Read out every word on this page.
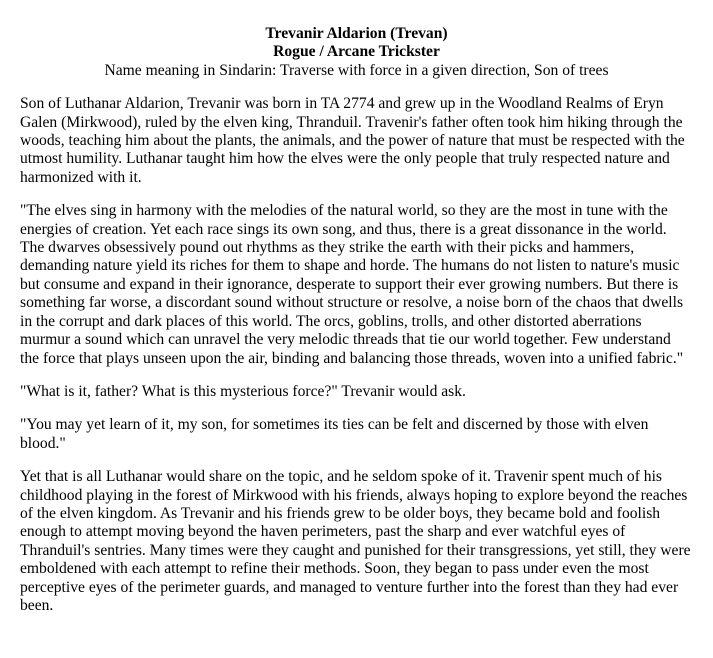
Trevanir Aldarion (Trevan)
Rogue / Arcane Trickster
Name meaning in Sindarin: Traverse with force in a given direction, Son of trees

Son of Luthanar Aldarion, Trevanir was born in TA 2774 and grew up in the Woodland Realms of Eryn Galen (Mirkwood), ruled by the elven king, Thranduil. Travenir's father often took him hiking through the woods, teaching him about the plants, the animals, and the power of nature that must be respected with the utmost humility. Luthanar taught him how the elves were the only people that truly respected nature and harmonized with it.

"The elves sing in harmony with the melodies of the natural world, so they are the most in tune with the energies of creation. Yet each race sings its own song, and thus, there is a great dissonance in the world. The dwarves obsessively pound out rhythms as they strike the earth with their picks and hammers, demanding nature yield its riches for them to shape and horde. The humans do not listen to nature's music but consume and expand in their ignorance, desperate to support their ever growing numbers. But there is something far worse, a discordant sound without structure or resolve, a noise born of the chaos that dwells in the corrupt and dark places of this world. The orcs, goblins, trolls, and other distorted aberrations murmur a sound which can unravel the very melodic threads that tie our world together. Few understand the force that plays unseen upon the air, binding and balancing those threads, woven into a unified fabric."

"What is it, father? What is this mysterious force?" Trevanir would ask.

"You may yet learn of it, my son, for sometimes its ties can be felt and discerned by those with elven blood."

Yet that is all Luthanar would share on the topic, and he seldom spoke of it. Travenir spent much of his childhood playing in the forest of Mirkwood with his friends, always hoping to explore beyond the reaches of the elven kingdom. As Trevanir and his friends grew to be older boys, they became bold and foolish enough to attempt moving beyond the haven perimeters, past the sharp and ever watchful eyes of Thranduil's sentries. Many times were they caught and punished for their transgressions, yet still, they were emboldened with each attempt to refine their methods. Soon, they began to pass under even the most perceptive eyes of the perimeter guards, and managed to venture further into the forest than they had ever been.
